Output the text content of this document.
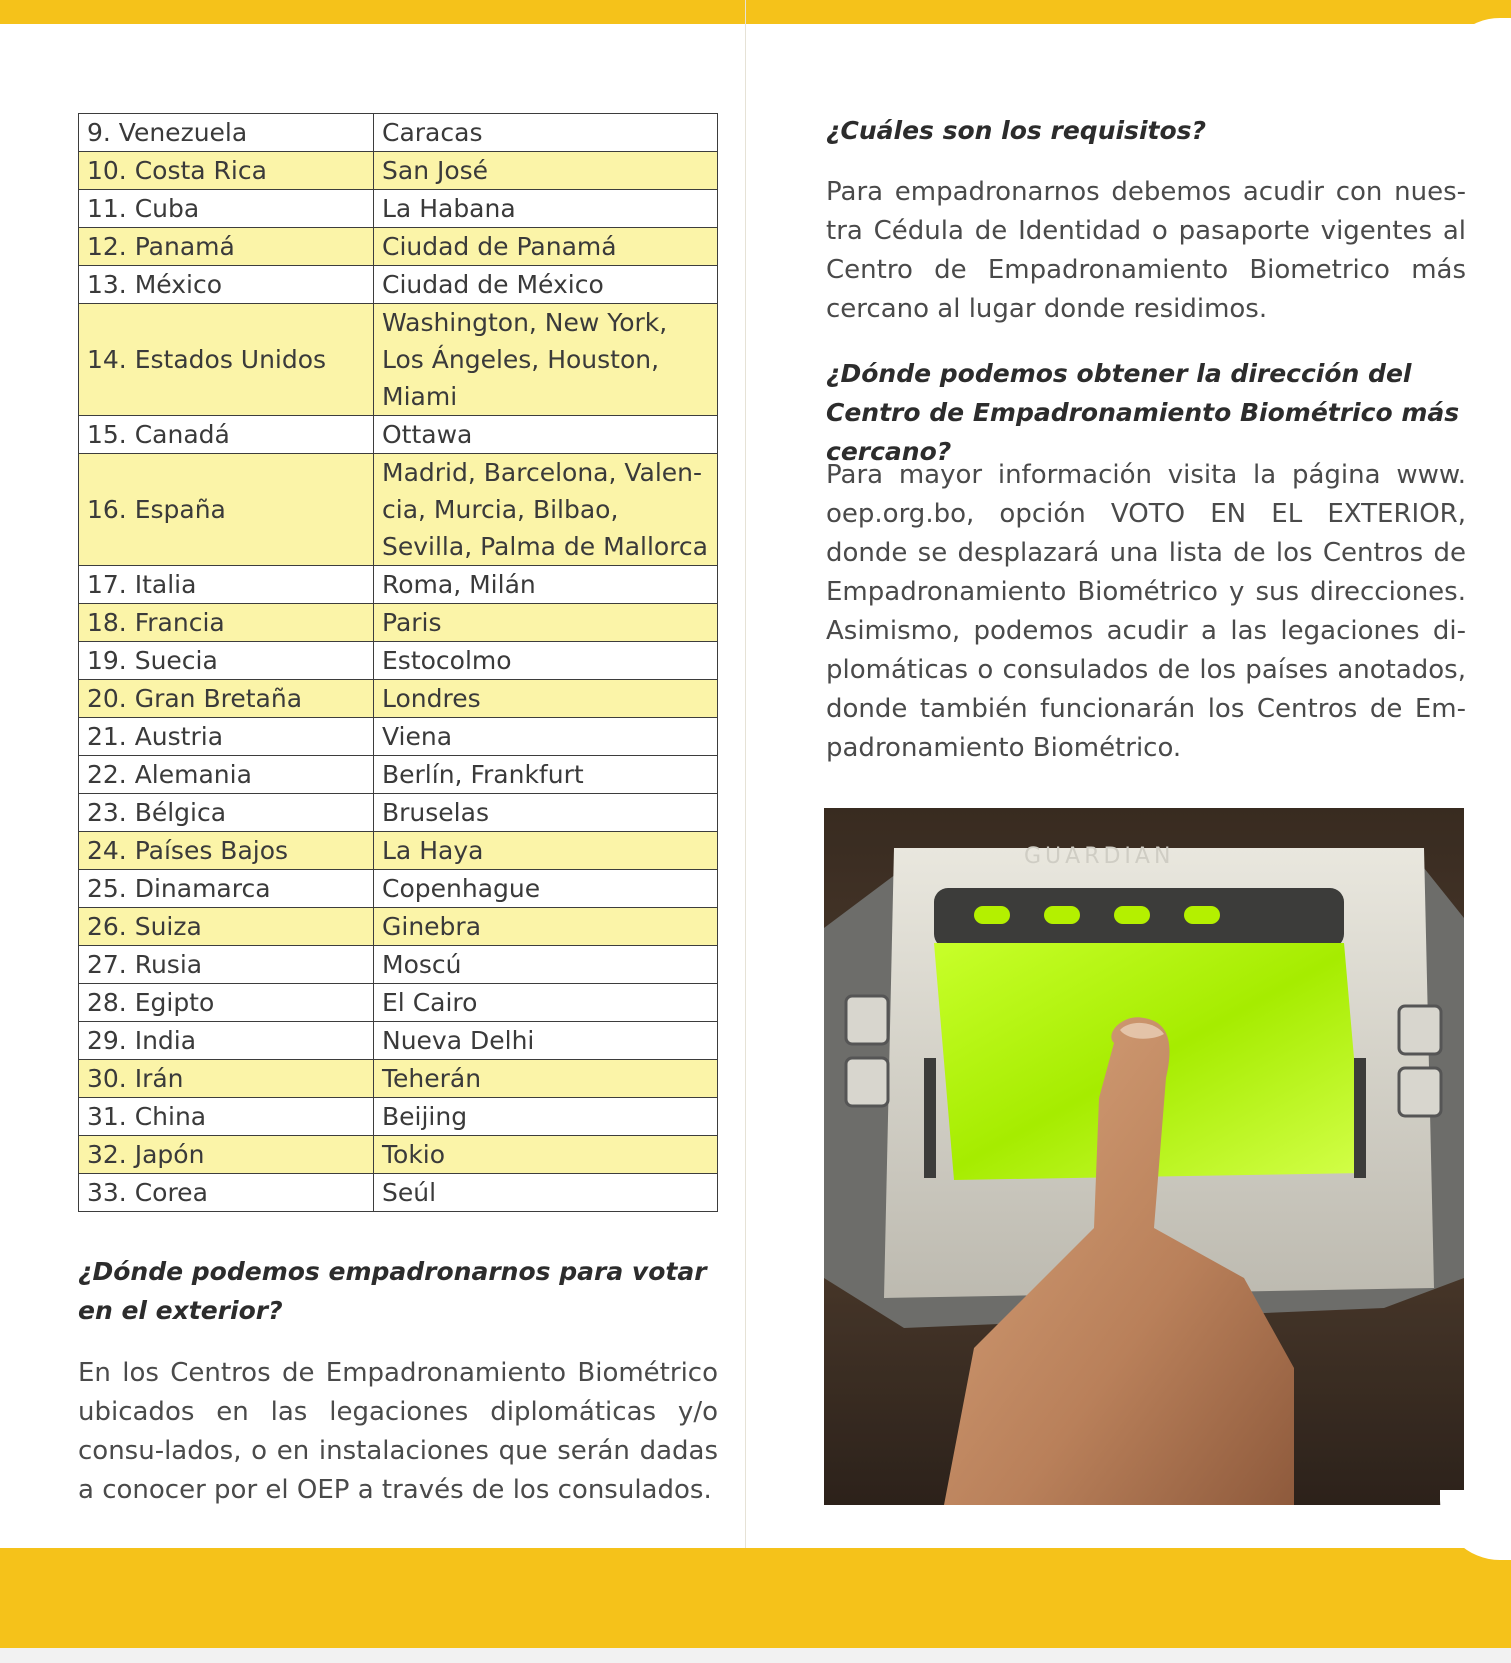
9. Venezuela	Caracas
10. Costa Rica	San José
11. Cuba	La Habana
12. Panamá	Ciudad de Panamá
13. México	Ciudad de México
14. Estados Unidos	Washington, New York, Los Ángeles, Houston, Miami
15. Canadá	Ottawa
16. España	Madrid, Barcelona, Valen- cia, Murcia, Bilbao, Sevilla, Palma de Mallorca
17. Italia	Roma, Milán
18. Francia	Paris
19. Suecia	Estocolmo
20. Gran Bretaña	Londres
21. Austria	Viena
22. Alemania	Berlín, Frankfurt
23. Bélgica	Bruselas
24. Países Bajos	La Haya
25. Dinamarca	Copenhague
26. Suiza	Ginebra
27. Rusia	Moscú
28. Egipto	El Cairo
29. India	Nueva Delhi
30. Irán	Teherán
31. China	Beijing
32. Japón	Tokio
33. Corea	Seúl

¿Dónde podemos empadronarnos para votar en el exterior?

En los Centros de Empadronamiento Biométrico ubicados en las legaciones diplomáticas y/o consu-lados, o en instalaciones que serán dadas a conocer por el OEP a través de los consulados.

¿Cuáles son los requisitos?

Para empadronarnos debemos acudir con nues-tra Cédula de Identidad o pasaporte vigentes al Centro de Empadronamiento Biometrico más cercano al lugar donde residimos.

¿Dónde podemos obtener la dirección del Centro de Empadronamiento Biométrico más cercano?

Para mayor información visita la página www. oep.org.bo, opción VOTO EN EL EXTERIOR, donde se desplazará una lista de los Centros de Empadronamiento Biométrico y sus direcciones. Asimismo, podemos acudir a las legaciones di-plomáticas o consulados de los países anotados, donde también funcionarán los Centros de Em-padronamiento Biométrico.

GUARDIAN
